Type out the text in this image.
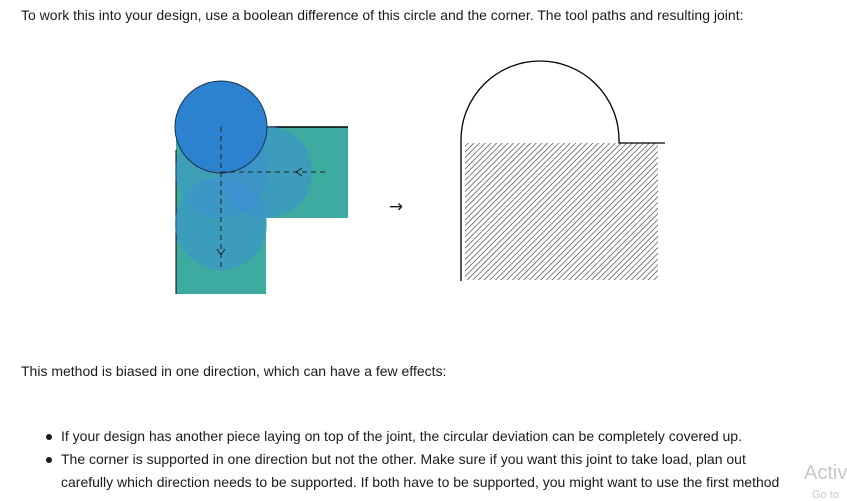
To work this into your design, use a boolean difference of this circle and the corner. The tool paths and resulting joint:

→

This method is biased in one direction, which can have a few effects:

If your design has another piece laying on top of the joint, the circular deviation can be completely covered up.
The corner is supported in one direction but not the other. Make sure if you want this joint to take load, plan out
carefully which direction needs to be supported. If both have to be supported, you might want to use the first method	Activ
Go to
